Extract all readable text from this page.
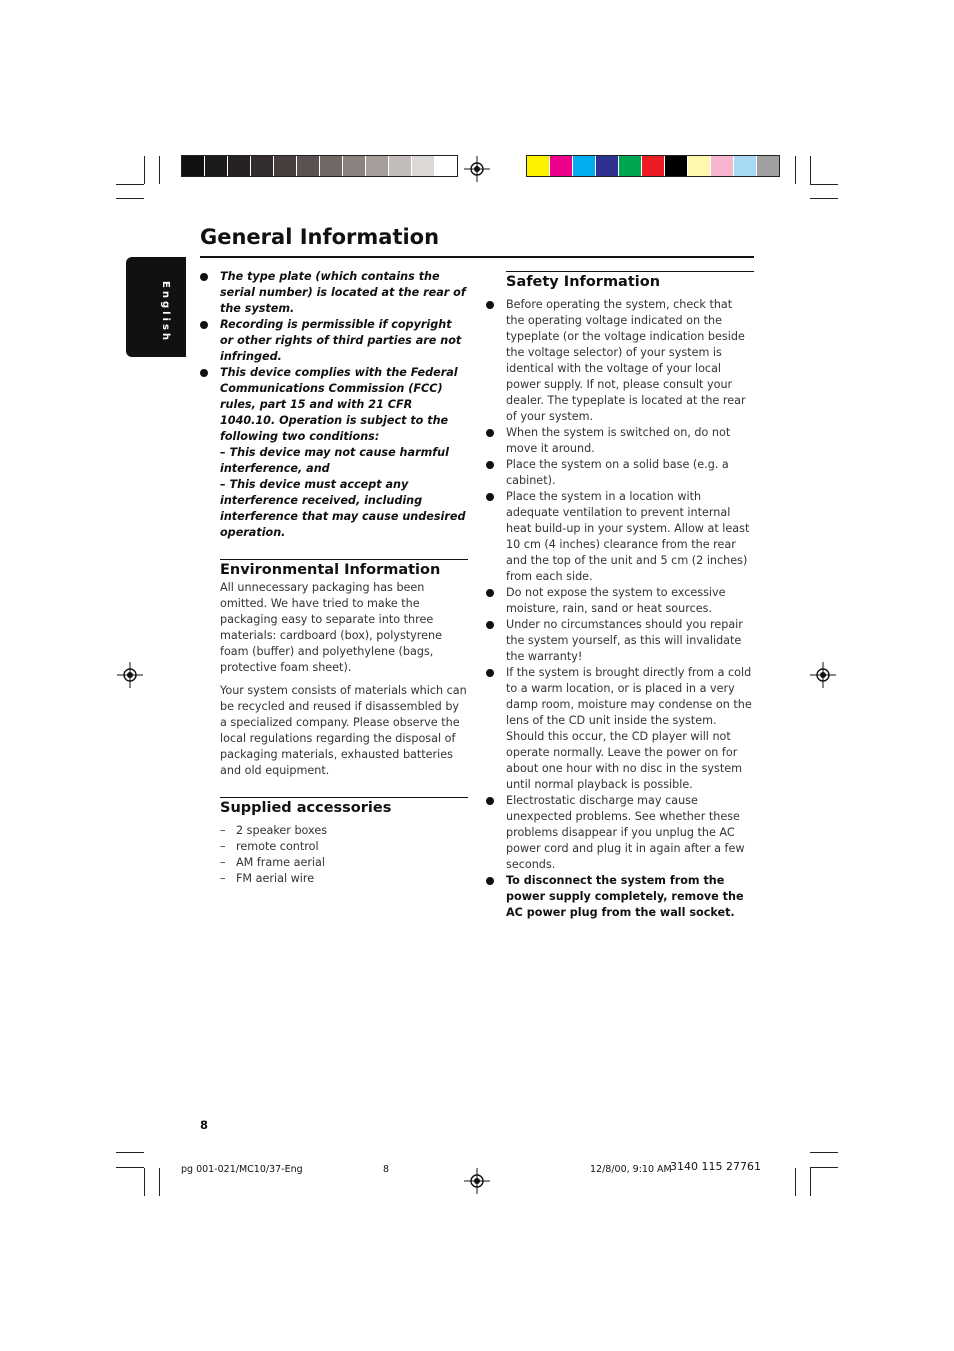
English
General Information
The type plate (which contains the serial number) is located at the rear of the system.
Recording is permissible if copyright or other rights of third parties are not infringed.
This device complies with the Federal Communications Commission (FCC) rules, part 15 and with 21 CFR 1040.10. Operation is subject to the following two conditions:
– This device may not cause harmful interference, and
– This device must accept any interference received, including interference that may cause undesired operation.
Environmental Information

All unnecessary packaging has been omitted. We have tried to make the packaging easy to separate into three materials: cardboard (box), polystyrene foam (buffer) and polyethylene (bags, protective foam sheet).

Your system consists of materials which can be recycled and reused if disassembled by a specialized company. Please observe the local regulations regarding the disposal of packaging materials, exhausted batteries and old equipment.

Supplied accessories
– 2 speaker boxes
– remote control
– AM frame aerial
– FM aerial wire
Safety Information
Before operating the system, check that the operating voltage indicated on the typeplate (or the voltage indication beside the voltage selector) of your system is identical with the voltage of your local power supply. If not, please consult your dealer. The typeplate is located at the rear of your system.
When the system is switched on, do not move it around.
Place the system on a solid base (e.g. a cabinet).
Place the system in a location with adequate ventilation to prevent internal heat build-up in your system. Allow at least 10 cm (4 inches) clearance from the rear and the top of the unit and 5 cm (2 inches) from each side.
Do not expose the system to excessive moisture, rain, sand or heat sources.
Under no circumstances should you repair the system yourself, as this will invalidate the warranty!
If the system is brought directly from a cold to a warm location, or is placed in a very damp room, moisture may condense on the lens of the CD unit inside the system. Should this occur, the CD player will not operate normally. Leave the power on for about one hour with no disc in the system until normal playback is possible.
Electrostatic discharge may cause unexpected problems. See whether these problems disappear if you unplug the AC power cord and plug it in again after a few seconds.
To disconnect the system from the power supply completely, remove the AC power plug from the wall socket.
8
pg 001-021/MC10/37-Eng	8	12/8/00, 9:10 AM
3140 115 27761
